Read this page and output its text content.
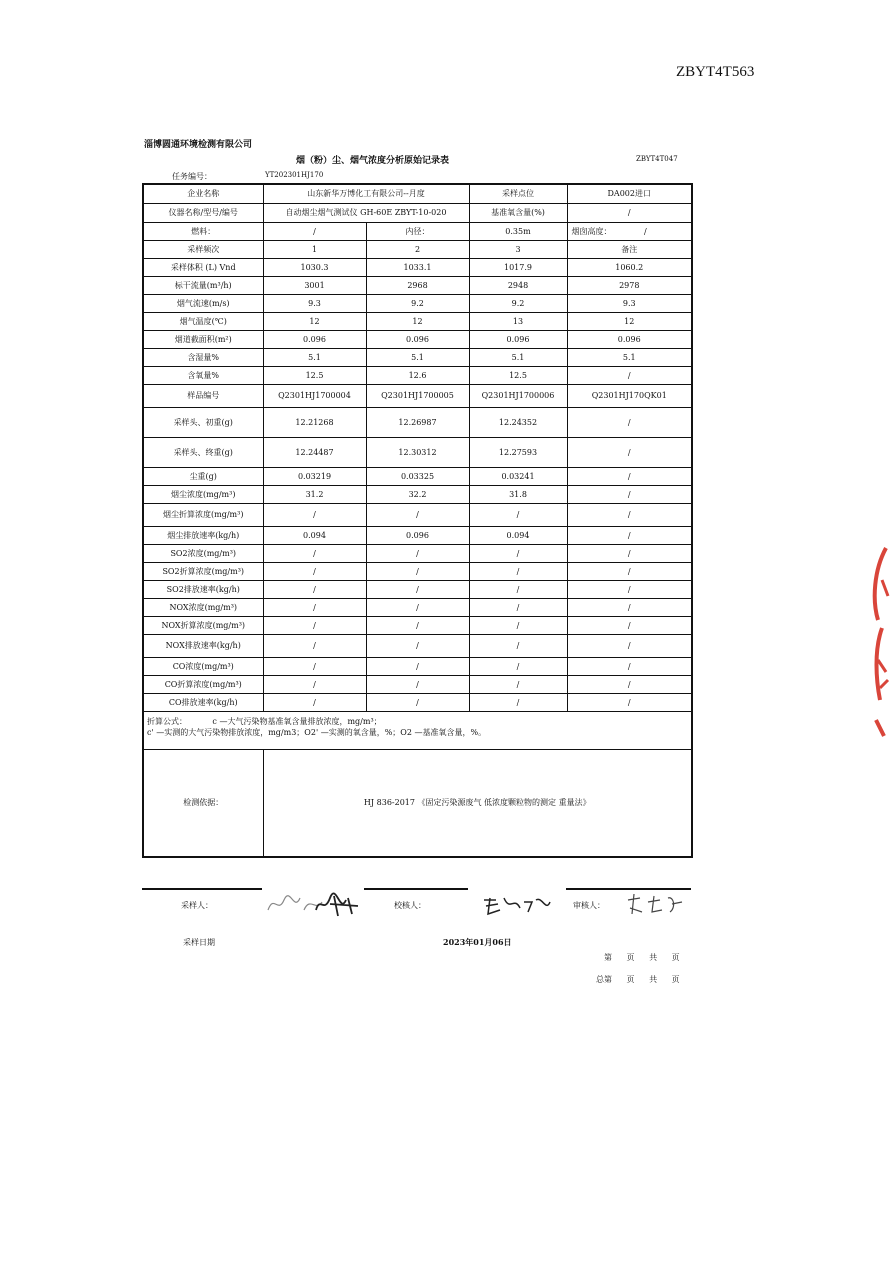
ZBYT4T563
淄博圆通环境检测有限公司
烟（粉）尘、烟气浓度分析原始记录表	ZBYT4T047
任务编号：	YT202301HJ170
企业名称	山东新华万博化工有限公司--月度		采样点位	DA002进口
仪器名称/型号/编号	自动烟尘烟气测试仪 GH-60E ZBYT-10-020		基准氧含量(%)	/
燃料：	/	内径：	0.35m	烟囱高度： /
采样频次	1	2	3	备注
采样体积 (L) Vnd	1030.3	1033.1	1017.9	1060.2
标干流量(m³/h)	3001	2968	2948	2978
烟气流速(m/s)	9.3	9.2	9.2	9.3
烟气温度(℃)	12	12	13	12
烟道截面积(m²)	0.096	0.096	0.096	0.096
含湿量%	5.1	5.1	5.1	5.1
含氧量%	12.5	12.6	12.5	/
样品编号	Q2301HJ1700004	Q2301HJ1700005	Q2301HJ1700006	Q2301HJ170QK01
采样头、初重(g)	12.21268	12.26987	12.24352	/
采样头、终重(g)	12.24487	12.30312	12.27593	/
尘重(g)	0.03219	0.03325	0.03241	/
烟尘浓度(mg/m³)	31.2	32.2	31.8	/
烟尘折算浓度(mg/m³)	/	/	/	/
烟尘排放速率(kg/h)	0.094	0.096	0.094	/
SO2浓度(mg/m³)	/	/	/	/
SO2折算浓度(mg/m³)	/	/	/	/
SO2排放速率(kg/h)	/	/	/	/
NOX浓度(mg/m³)	/	/	/	/
NOX折算浓度(mg/m³)	/	/	/	/
NOX排放速率(kg/h)	/	/	/	/
CO浓度(mg/m³)	/	/	/	/
CO折算浓度(mg/m³)	/	/	/	/
CO排放速率(kg/h)	/	/	/	/

折算公式：          c —大气污染物基准氧含量排放浓度，mg/m³；
c' —实测的大气污染物排放浓度，mg/m3；O2' —实测的氧含量，%；O2 —基准氧含量，%。				

检测依据：	HJ 836-2017 《固定污染源废气 低浓度颗粒物的测定 重量法》			
采样人：	校核人：	审核人：
采样日期	2023年01月06日
第 页 共 页
总第 页 共 页
